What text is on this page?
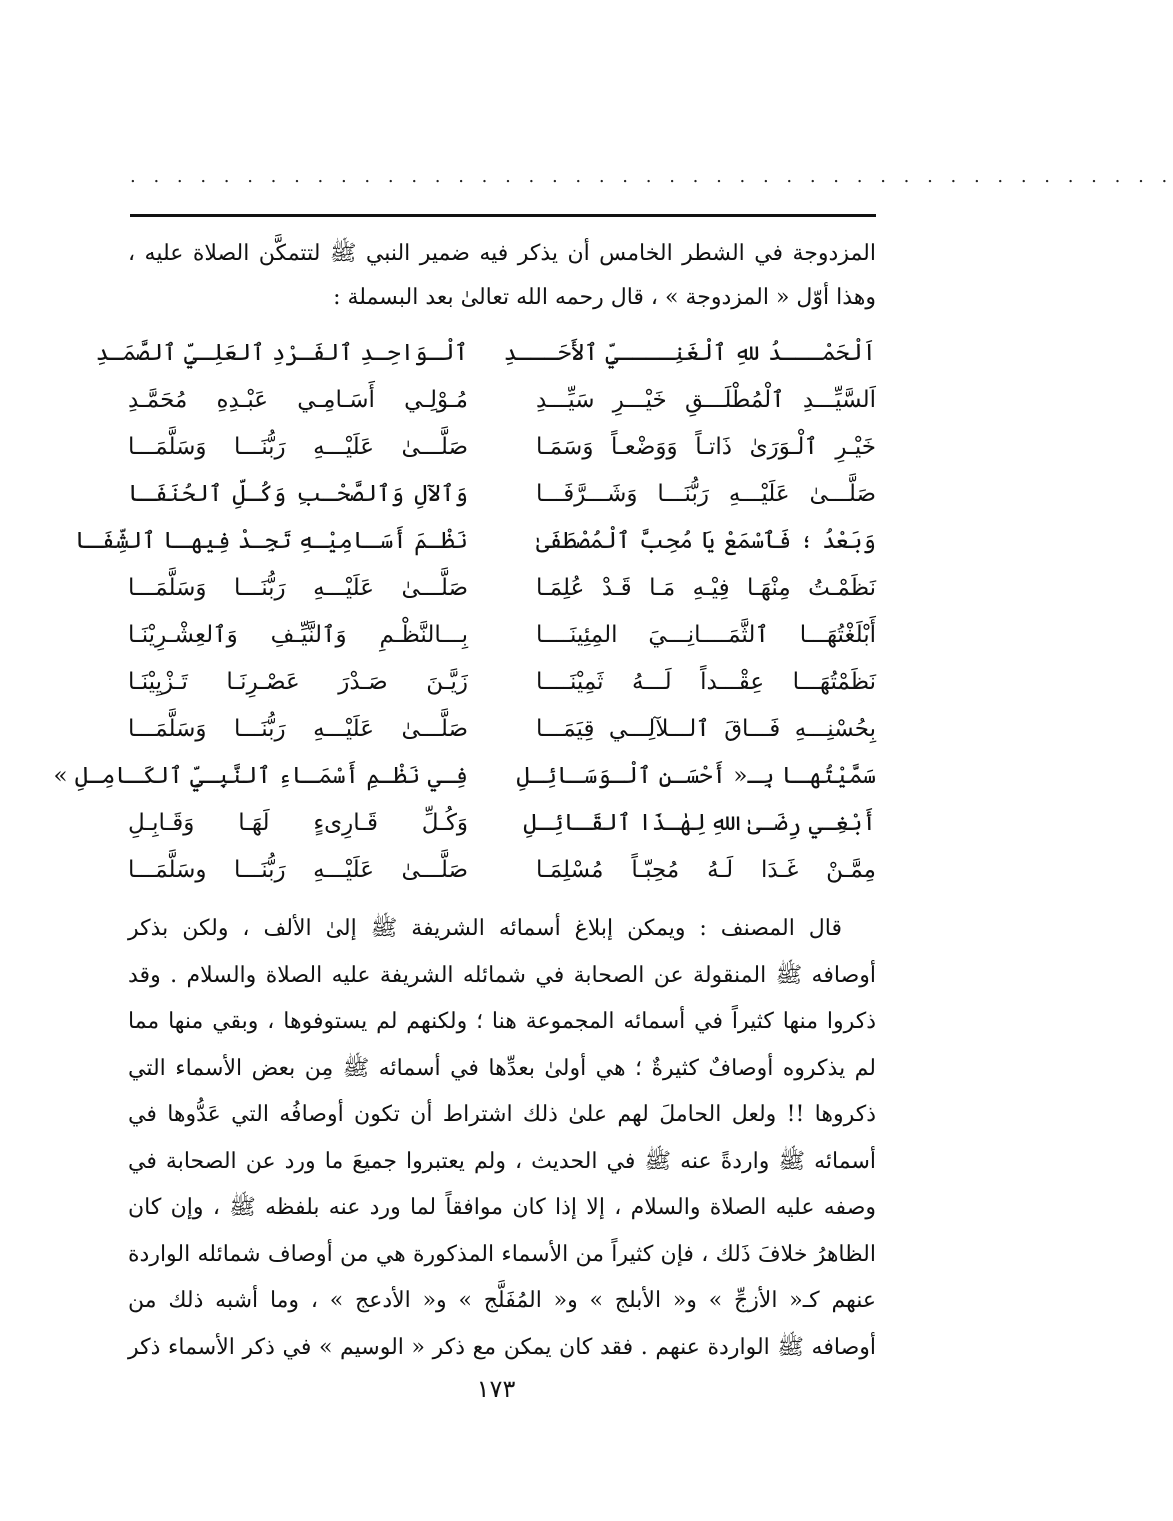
. . . . . . . . . . . . . . . . . . . . . . . . . . . . . . . . . . . . . . . . . . . . .

المزدوجة في الشطر الخامس أن يذكر فيه ضمير النبي ﷺ لتتمكَّن الصلاة عليه ،

وهذا أوّل « المزدوجة » ، قال رحمه الله تعالىٰ بعد البسملة :

اَلْحَمْـــدُ للهِ ٱلْغَنِــــيِّ ٱلأَحَـــدِ
ٱلْـوَاحِـدِ ٱلفَـرْدِ ٱلعَلِـيِّ ٱلصَّمَـدِ
اَلسَّيِّـــدِ ٱلْمُطْلَـــقِ خَيْـــرِ سَيِّـــدِ
مُـوْلِـي أَسَـامِـي عَبْـدِهِ مُحَمَّـدِ
خَيْـرِ ٱلْـوَرَىٰ ذَاتـاً وَوَضْعـاً وَسَمَـا
صَلَّـــىٰ عَلَيْـــهِ رَبُّنَـــا وَسَلَّمَـــا
صَلَّـــىٰ عَلَيْـــهِ رَبُّنَـــا وَشَـــرَّفَـــا
وَٱلآلِ وَٱلصَّحْـبِ وَكُـلِّ ٱلحُنَفَـا
وَبَعْدُ ؛ فَٱسْمَعْ يَا مُحِبَّ ٱلْمُصْطَفَىٰ
نَظْـمَ أَسَـامِيْـهِ تَجِـدْ فِيهـا ٱلشِّفَـا
نَظَمْـتُ مِنْهَـا فِيْـهِ مَـا قَـدْ عُلِمَـا
صَلَّـــىٰ عَلَيْـــهِ رَبُّنَـــا وَسَلَّمَـــا
أَبْلَغْتُهَـــا ٱلثَّمَــــانِـــيَ المِئِينَــــا
بِـــالنَّظْـمِ وَٱلنَّيِّـفِ وَٱلعِشْـرِيْنَـا
نَظَمْتُهَـــا عِقْـــداً لَـــهُ ثَمِيْنَــــا
زَيَّـنَ صَـدْرَ عَصْـرِنَـا تَـزْيِيْنَـا
بِحُسْنِـــهِ فَـــاقَ ٱلـــلآلِـــي قِيَمَـــا
صَلَّـــىٰ عَلَيْـــهِ رَبُّنَـــا وَسَلَّمَـــا
سَمَّيْتُهـا بِـ« أَحْسَـنِ ٱلْـوَسَـائِـلِ
فِـي نَظْـمِ أَسْمَـاءِ ٱلنَّبِـيِّ ٱلكَـامِـلِ »
أَبْغِـي رِضَـىٰ اللهِ لِهٰـذَا ٱلقَـائِـلِ
وَكُـلِّ قَـارِىءٍ لَهَـا وَقَـابِـلِ
مِمَّـنْ غَـدَا لَـهُ مُحِبّـاً مُسْلِمَـا
صَلَّـــىٰ عَلَيْـــهِ رَبُّنَـــا وسَلَّمَـــا
قال المصنف : ويمكن إبلاغ أسمائه الشريفة ﷺ إلىٰ الألف ، ولكن بذكر
أوصافه ﷺ المنقولة عن الصحابة في شمائله الشريفة عليه الصلاة والسلام . وقد
ذكروا منها كثيراً في أسمائه المجموعة هنا ؛ ولكنهم لم يستوفوها ، وبقي منها مما
لم يذكروه أوصافٌ كثيرةٌ ؛ هي أولىٰ بعدِّها في أسمائه ﷺ مِن بعض الأسماء التي
ذكروها !! ولعل الحاملَ لهم علىٰ ذلك اشتراط أن تكون أوصافُه التي عَدُّوها في
أسمائه ﷺ واردةً عنه ﷺ في الحديث ، ولم يعتبروا جميعَ ما ورد عن الصحابة في
وصفه عليه الصلاة والسلام ، إلا إذا كان موافقاً لما ورد عنه بلفظه ﷺ ، وإن كان
الظاهرُ خلافَ ذَلك ، فإن كثيراً من الأسماء المذكورة هي من أوصاف شمائله الواردة
عنهم كـ« الأزجِّ » و« الأبلج » و« المُفَلَّج » و« الأدعج » ، وما أشبه ذلك من
أوصافه ﷺ الواردة عنهم . فقد كان يمكن مع ذكر « الوسيم » في ذكر الأسماء ذكر
١٧٣
